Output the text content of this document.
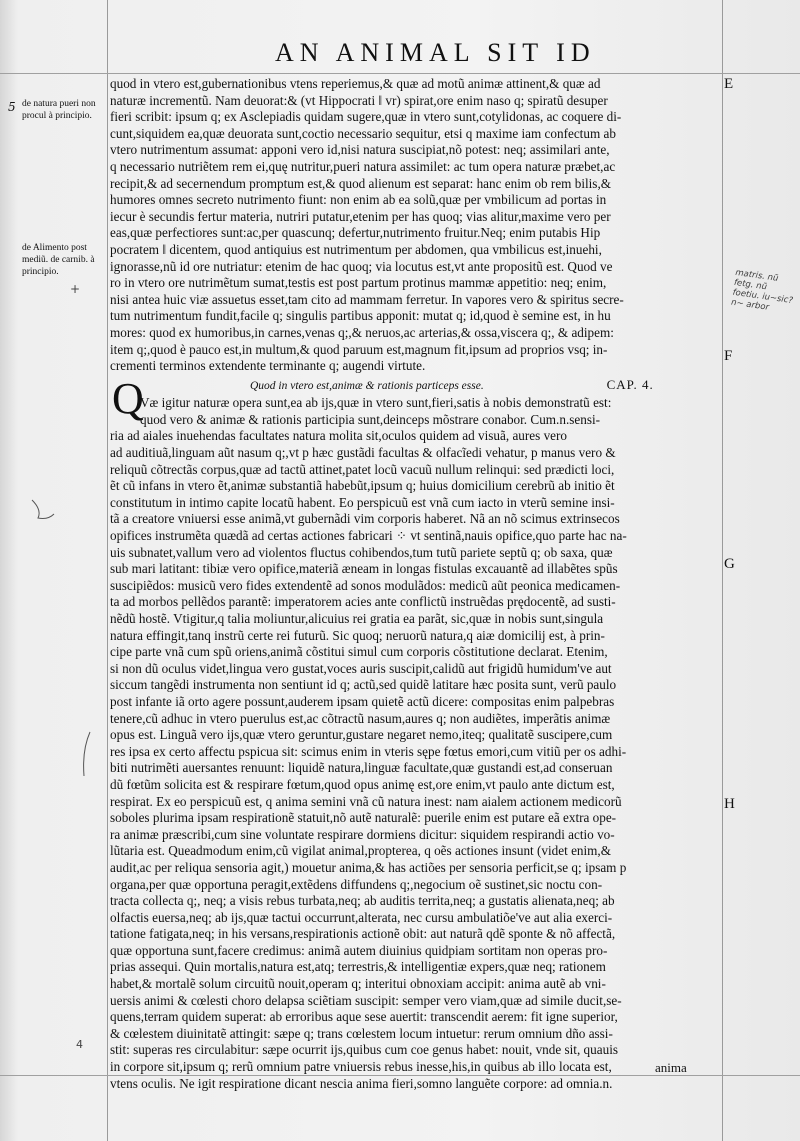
AN ANIMAL SIT ID
5 de natura pueri non procul à principio.
de Alimento post mediũ. de carnib. à principio.
+
matris. nũ fetg. nũ foetiu. iu~sic? n~ arbor
E
F
G
H
4
quod in vtero est,gubernationibus vtens reperiemus,& quæ ad motũ animæ attinent,& quæ ad
naturæ incrementũ. Nam deuorat:& (vt Hippocrati ‖ vr) spirat,ore enim naso q; spiratũ desuper
fieri scribit: ipsum q; ex Asclepiadis quidam sugere,quæ in vtero sunt,cotylidonas, ac coquere di-
cunt,siquidem ea,quæ deuorata sunt,coctio necessario sequitur, etsi q maxime iam confectum ab
vtero nutrimentum assumat: apponi vero id,nisi natura suscipiat,nõ potest: neq; assimilari ante,
q necessario nutriẽtem rem ei,quę nutritur,pueri natura assimilet: ac tum opera naturæ præbet,ac
recipit,& ad secernendum promptum est,& quod alienum est separat: hanc enim ob rem bilis,&
humores omnes secreto nutrimento fiunt: non enim ab ea solũ,quæ per vmbilicum ad portas in
iecur è secundis fertur materia, nutriri putatur,etenim per has quoq; vias alitur,maxime vero per
eas,quæ perfectiores sunt:ac,per quascunq; defertur,nutrimento fruitur.Neq; enim putabis Hip
pocratem ‖ dicentem, quod antiquius est nutrimentum per abdomen, qua vmbilicus est,inuehi,
ignorasse,nũ id ore nutriatur: etenim de hac quoq; via locutus est,vt ante propositũ est. Quod ve
ro in vtero ore nutrimẽtum sumat,testis est post partum protinus mammæ appetitio: neq; enim,
nisi antea huic viæ assuetus esset,tam cito ad mammam ferretur. In vapores vero & spiritus secre-
tum nutrimentum fundit,facile q; singulis partibus apponit: mutat q; id,quod è semine est, in hu
mores: quod ex humoribus,in carnes,venas q;,& neruos,ac arterias,& ossa,viscera q;, & adipem:
item q;,quod è pauco est,in multum,& quod paruum est,magnum fit,ipsum ad proprios vsq; in-
crementi terminos extendente terminante q; augendi virtute.
Quod in vtero est,animæ & rationis particeps esse.	CAP. 4.
Væ igitur naturæ opera sunt,ea ab ijs,quæ in vtero sunt,fieri,satis à nobis demonstratũ est:
quod vero & animæ & rationis participia sunt,deinceps mõstrare conabor. Cum.n.sensi-
ria ad aiales inuehendas facultates natura molita sit,oculos quidem ad visuã, aures vero
ad auditiuã,linguam aũt nasum q;,vt p hæc gustãdi facultas & olfacĩedi vehatur, p manus vero &
reliquũ cõtrectãs corpus,quæ ad tactũ attinet,patet locũ vacuũ nullum relinqui: sed prædicti loci,
ẽt cũ infans in vtero ẽt,animæ substantiã habebũt,ipsum q; huius domicilium cerebrũ ab initio ẽt
constitutum in intimo capite locatũ habent. Eo perspicuũ est vnã cum iacto in vterũ semine insi-
tã a creatore vniuersi esse animã,vt gubernãdi vim corporis haberet. Nã an nõ scimus extrinsecos
opifices instrumẽta quædã ad certas actiones fabricari ⁘ vt sentinã,nauis opifice,quo parte hac na-
uis subnatet,vallum vero ad violentos fluctus cohibendos,tum tutũ pariete septũ q; ob saxa, quæ
sub mari latitant: tibiæ vero opifice,materiã æneam in longas fistulas excauantẽ ad illabẽtes spũs
suscipiẽdos: musicũ vero fides extendentẽ ad sonos modulãdos: medicũ aũt peonica medicamen-
ta ad morbos pellẽdos parantẽ: imperatorem acies ante conflictũ instruẽdas prędocentẽ, ad susti-
nẽdũ hostẽ. Vtigitur,q talia moliuntur,alicuius rei gratia ea parãt, sic,quæ in nobis sunt,singula
natura effingit,tanq instrũ certe rei futurũ. Sic quoq; neruorũ natura,q aiæ domicilij est, à prin-
cipe parte vnã cum spũ oriens,animã cõstitui simul cum corporis cõstitutione declarat. Etenim,
si non dũ oculus videt,lingua vero gustat,voces auris suscipit,calidũ aut frigidũ humidum've aut
siccum tangẽdi instrumenta non sentiunt id q; actũ,sed quidẽ latitare hæc posita sunt, verũ paulo
post infante iã orto agere possunt,auderem ipsam quietẽ actũ dicere: compositas enim palpebras
tenere,cũ adhuc in vtero puerulus est,ac cõtractũ nasum,aures q; non audiẽtes, imperãtis animæ
opus est. Linguã vero ijs,quæ vtero geruntur,gustare negaret nemo,iteq; qualitatẽ suscipere,cum
res ipsa ex certo affectu pspicua sit: scimus enim in vteris sępe fœtus emori,cum vitiũ per os adhi-
biti nutrimẽti auersantes renuunt: liquidẽ natura,linguæ facultate,quæ gustandi est,ad conseruan
dũ fœtũm solicita est & respirare fœtum,quod opus animę est,ore enim,vt paulo ante dictum est,
respirat. Ex eo perspicuũ est, q anima semini vnã cũ natura inest: nam aialem actionem medicorũ
soboles plurima ipsam respirationẽ statuit,nõ autẽ naturalẽ: puerile enim est putare eã extra ope-
ra animæ præscribi,cum sine voluntate respirare dormiens dicitur: siquidem respirandi actio vo-
lũtaria est. Queadmodum enim,cũ vigilat animal,propterea, q oẽs actiones insunt (videt enim,&
audit,ac per reliqua sensoria agit,) mouetur anima,& has actiões per sensoria perficit,se q; ipsam p
organa,per quæ opportuna peragit,extẽdens diffundens q;,negocium oẽ sustinet,sic noctu con-
tracta collecta q;, neq; a visis rebus turbata,neq; ab auditis territa,neq; a gustatis alienata,neq; ab
olfactis euersa,neq; ab ijs,quæ tactui occurrunt,alterata, nec cursu ambulatiõe've aut alia exerci-
tatione fatigata,neq; in his versans,respirationis actionẽ obit: aut naturã qdẽ sponte & nõ affectã,
quæ opportuna sunt,facere credimus: animã autem diuinius quidpiam sortitam non operas pro-
prias assequi. Quin mortalis,natura est,atq; terrestris,& intelligentiæ expers,quæ neq; rationem
habet,& mortalẽ solum circuitũ nouit,operam q; interitui obnoxiam accipit: anima autẽ ab vni-
uersis animi & cœlesti choro delapsa sciẽtiam suscipit: semper vero viam,quæ ad simile ducit,se-
quens,terram quidem superat: ab erroribus aque sese auertit: transcendit aerem: fit igne superior,
& cœlestem diuinitatẽ attingit: sæpe q; trans cœlestem locum intuetur: rerum omnium dño assi-
stit: superas res circulabitur: sæpe ocurrit ijs,quibus cum coe genus habet: nouit, vnde sit, quauis
in corpore sit,ipsum q; rerũ omnium patre vniuersis rebus inesse,his,in quibus ab illo locata est,
vtens oculis. Ne igit respiratione dicant nescia anima fieri,somno languẽte corpore: ad omnia.n.
Q
anima
